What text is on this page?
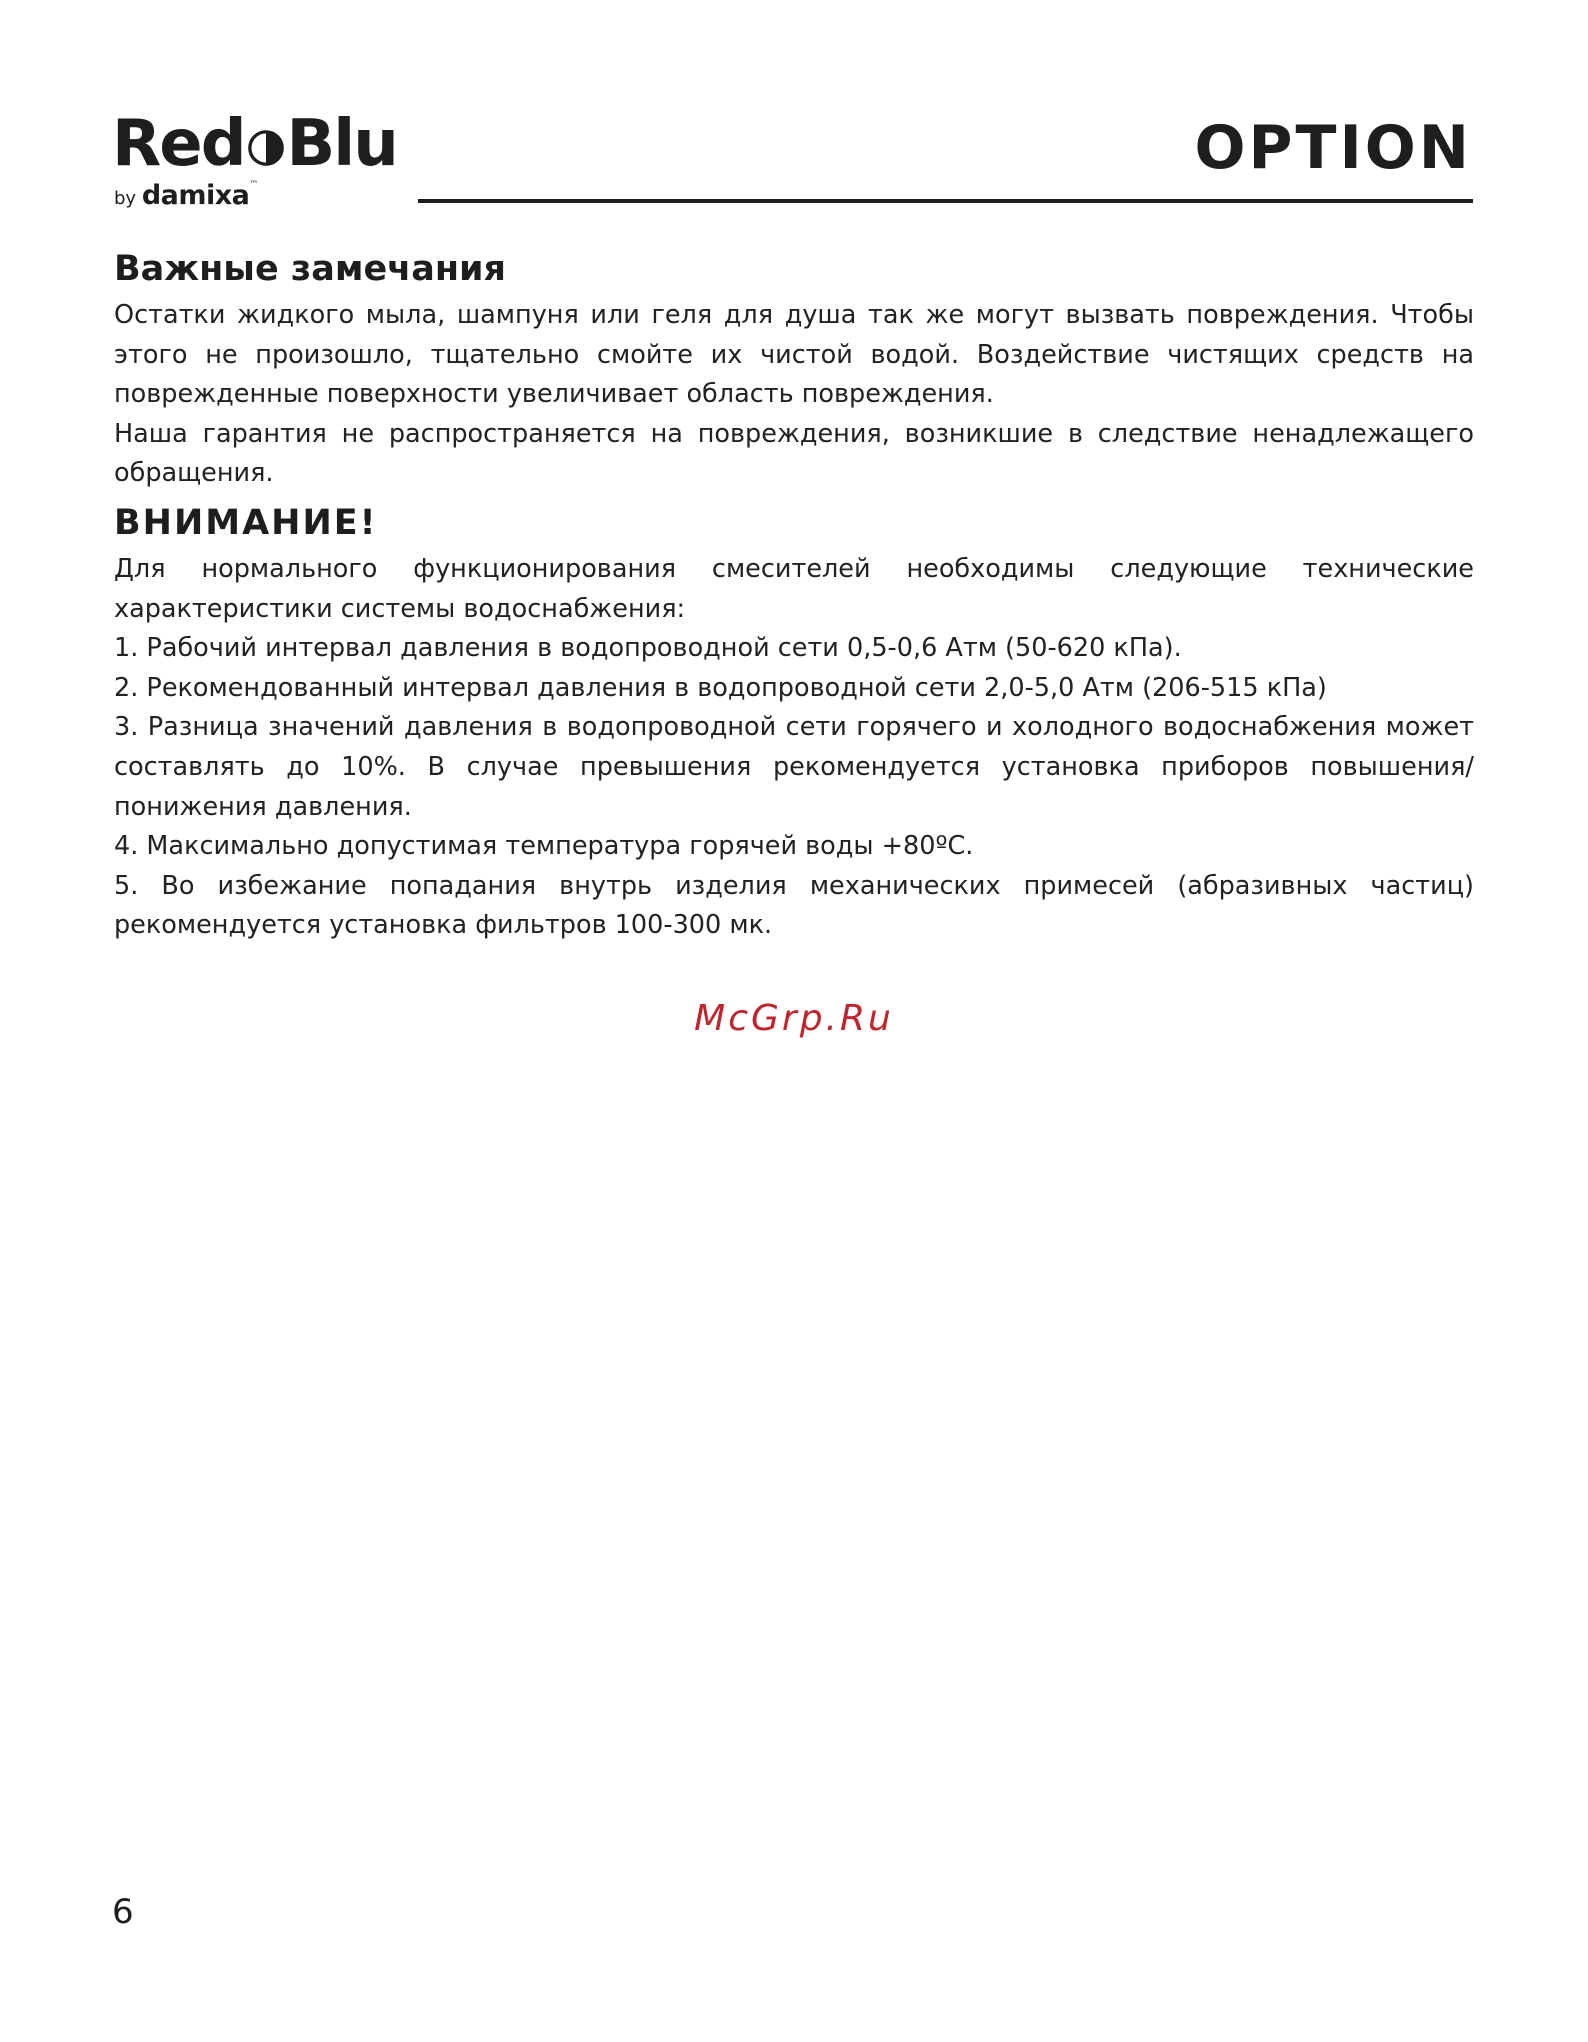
Red Blu
by damixa™
OPTION
Важные замечания

Остатки жидкого мыла, шампуня или геля для душа так же могут вызвать повреждения. Чтобы этого не произошло, тщательно смойте их чистой водой. Воздействие чистящих средств на поврежденные поверхности увеличивает область повреждения.

Наша гарантия не распространяется на повреждения, возникшие в следствие ненадлежащего обращения.

ВНИМАНИЕ!

Для нормального функционирования смесителей необходимы следующие технические характеристики системы водоснабжения:

1. Рабочий интервал давления в водопроводной сети 0,5-0,6 Атм (50-620 кПа).

2. Рекомендованный интервал давления в водопроводной сети 2,0-5,0 Атм (206-515 кПа)

3. Разница значений давления в водопроводной сети горячего и холодного водоснабжения может составлять до 10%. В случае превышения рекомендуется установка приборов повышения/понижения давления.

4. Максимально допустимая температура горячей воды +80ºC.

5. Во избежание попадания внутрь изделия механических примесей (абразивных частиц) рекомендуется установка фильтров 100-300 мк.

McGrp.Ru
6
